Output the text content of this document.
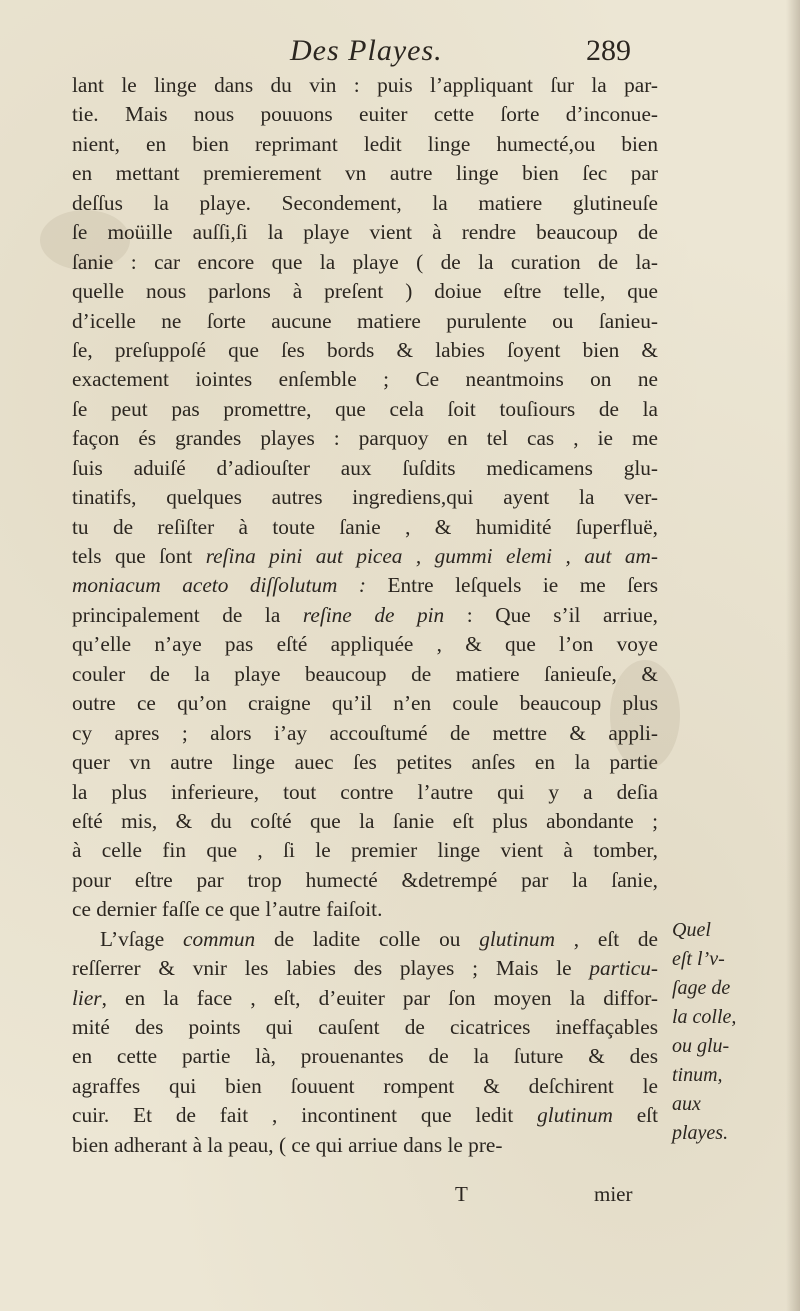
Des Playes.	289
lant le linge dans du vin : puis l’appliquant ſur la par-
tie. Mais nous pouuons euiter cette ſorte d’inconue-
nient, en bien reprimant ledit linge humecté,ou bien
en mettant premierement vn autre linge bien ſec par
deſſus la playe. Secondement, la matiere glutineuſe
ſe moüille auſſi,ſi la playe vient à rendre beaucoup de
ſanie : car encore que la playe ( de la curation de la-
quelle nous parlons à preſent ) doiue eſtre telle, que
d’icelle ne ſorte aucune matiere purulente ou ſanieu-
ſe, preſuppoſé que ſes bords & labies ſoyent bien &
exactement iointes enſemble ; Ce neantmoins on ne
ſe peut pas promettre, que cela ſoit touſiours de la
façon és grandes playes : parquoy en tel cas , ie me
ſuis aduiſé d’adiouſter aux ſuſdits medicamens glu-
tinatifs, quelques autres ingrediens,qui ayent la ver-
tu de reſiſter à toute ſanie , & humidité ſuperfluë,
tels que ſont reſina pini aut picea , gummi elemi , aut am-
moniacum aceto diſſolutum : Entre leſquels ie me ſers
principalement de la reſine de pin : Que s’il arriue,
qu’elle n’aye pas eſté appliquée , & que l’on voye
couler de la playe beaucoup de matiere ſanieuſe, &
outre ce qu’on craigne qu’il n’en coule beaucoup plus
cy apres ; alors i’ay accouſtumé de mettre & appli-
quer vn autre linge auec ſes petites anſes en la partie
la plus inferieure, tout contre l’autre qui y a deſia
eſté mis, & du coſté que la ſanie eſt plus abondante ;
à celle fin que , ſi le premier linge vient à tomber,
pour eſtre par trop humecté &detrempé par la ſanie,
ce dernier faſſe ce que l’autre faiſoit.
L’vſage commun de ladite colle ou glutinum , eſt de
reſſerrer & vnir les labies des playes ; Mais le particu-
lier, en la face , eſt, d’euiter par ſon moyen la diffor-
mité des points qui cauſent de cicatrices ineffaçables
en cette partie là, prouenantes de la ſuture & des
agraffes qui bien ſouuent rompent & deſchirent le
cuir. Et de fait , incontinent que ledit glutinum eſt
bien adherant à la peau, ( ce qui arriue dans le pre-
Quel
eſt l’v-
ſage de
la colle,
ou glu-
tinum,
aux
playes.
T	mier
